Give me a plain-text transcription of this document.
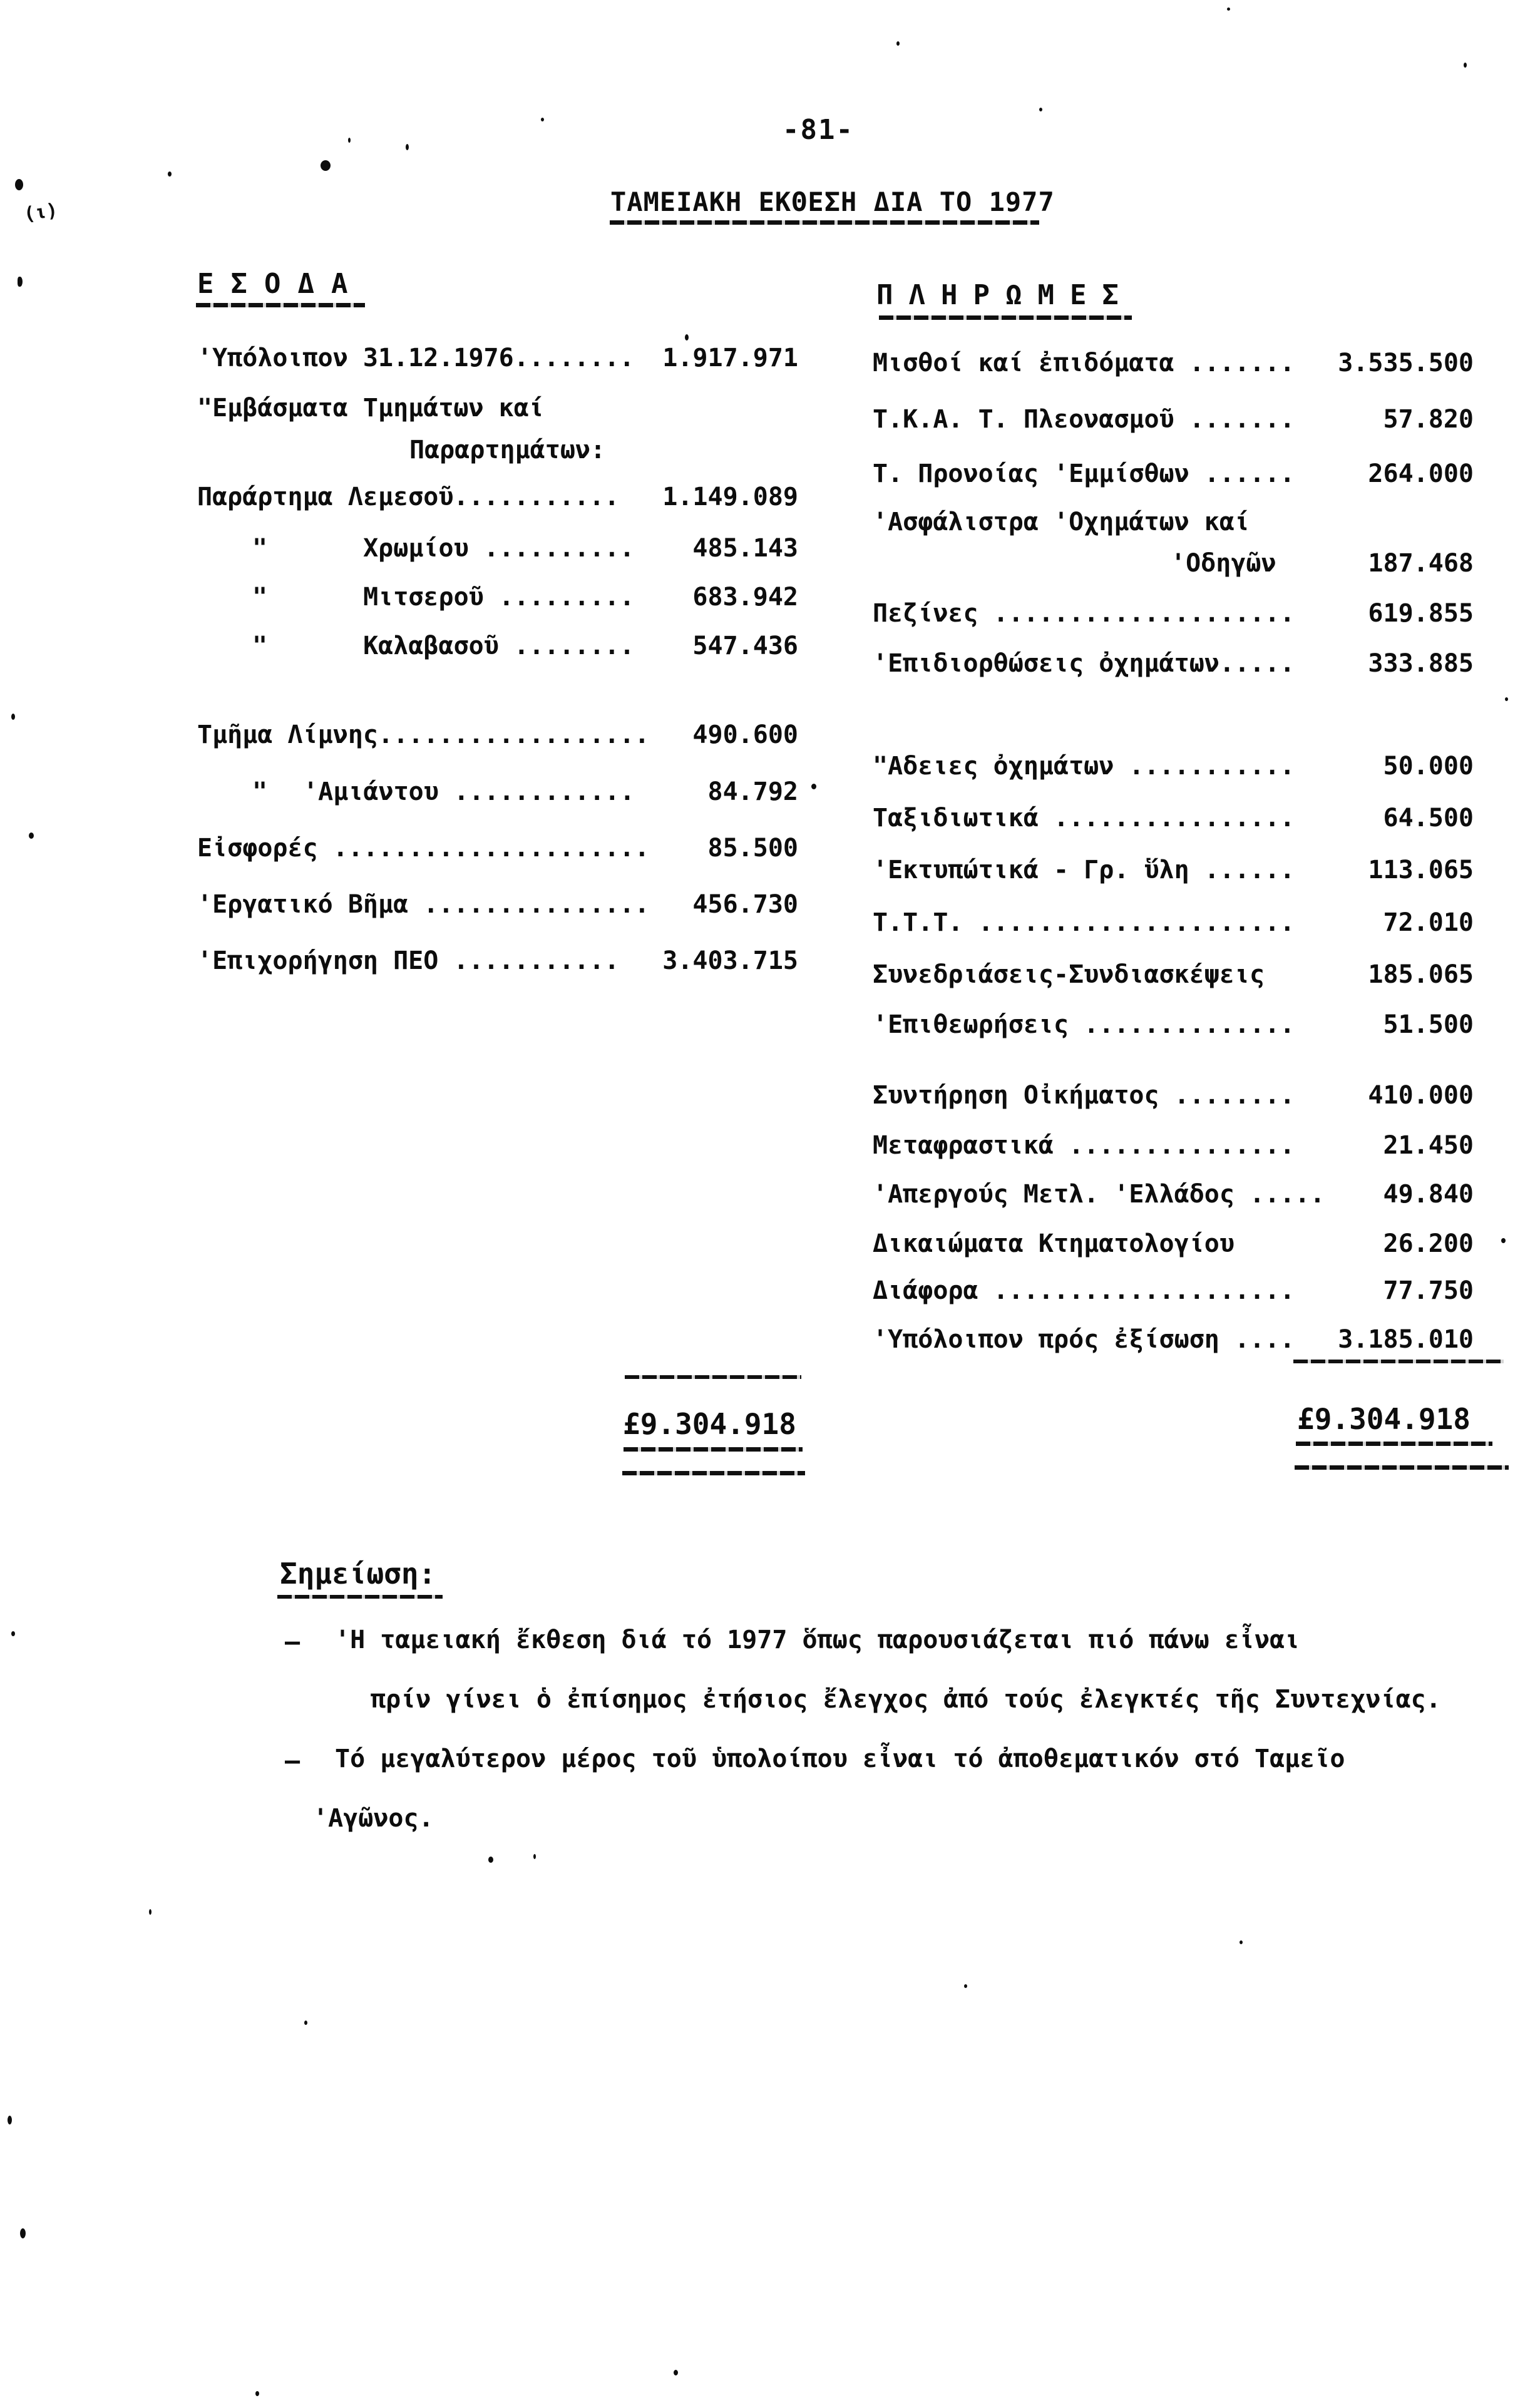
-81-
ΤΑΜΕΙΑΚΗ ΕΚΘΕΣΗ ΔΙΑ ΤΟ 1977
ΕΣΟΔΑ	ΠΛΗΡΩΜΕΣ
'Υπόλοιπον 31.12.1976........ 1.917.971
"Εμβάσματα Τμημάτων καί
Παραρτημάτων:
Παράρτημα Λεμεσοῦ........... 1.149.089
"	Χρωμίου .......... 485.143
"	Μιτσεροῦ ......... 683.942
"	Καλαβασοῦ ........ 547.436
Τμῆμα Λίμνης.................. 490.600
" 'Αμιάντου ............	84.792
Εἰσφορές ..................... 85.500
'Εργατικό Βῆμα ............... 456.730
'Επιχορήγηση ΠΕΟ ........... 3.403.715
Μισθοί καί ἐπιδόματα ....... 3.535.500
Τ.Κ.Α. Τ. Πλεονασμοῦ .......	57.820
Τ. Προνοίας 'Εμμίσθων ......	264.000
'Ασφάλιστρα 'Οχημάτων καί
'Οδηγῶν	187.468
Πεζίνες ....................	619.855
'Επιδιορθώσεις ὀχημάτων.....	333.885
"Αδειες ὀχημάτων ...........	50.000
Ταξιδιωτικά ................	64.500
'Εκτυπώτικά - Γρ. ὕλη ......	113.065
Τ.Τ.Τ. .....................	72.010
Συνεδριάσεις-Συνδιασκέψεις	185.065
'Επιθεωρήσεις ..............	51.500
Συντήρηση Οἰκήματος ........	410.000
Μεταφραστικά ...............	21.450
'Απεργούς Μετλ. 'Ελλάδος ..... 49.840
Δικαιώματα Κτηματολογίου	26.200
Διάφορα ....................	77.750
'Υπόλοιπον πρός ἐξίσωση .... 3.185.010
£9.304.918	£9.304.918
Σημείωση:
— 'Η ταμειακή ἔκθεση διά τό 1977 ὅπως παρουσιάζεται πιό πάνω εἶναι
πρίν γίνει ὁ ἐπίσημος ἐτήσιος ἔλεγχος ἀπό τούς ἐλεγκτές τῆς Συντεχνίας.
— Τό μεγαλύτερον μέρος τοῦ ὑπολοίπου εἶναι τό ἀποθεματικόν στό Ταμεῖο
'Αγῶνος.
(ι)
